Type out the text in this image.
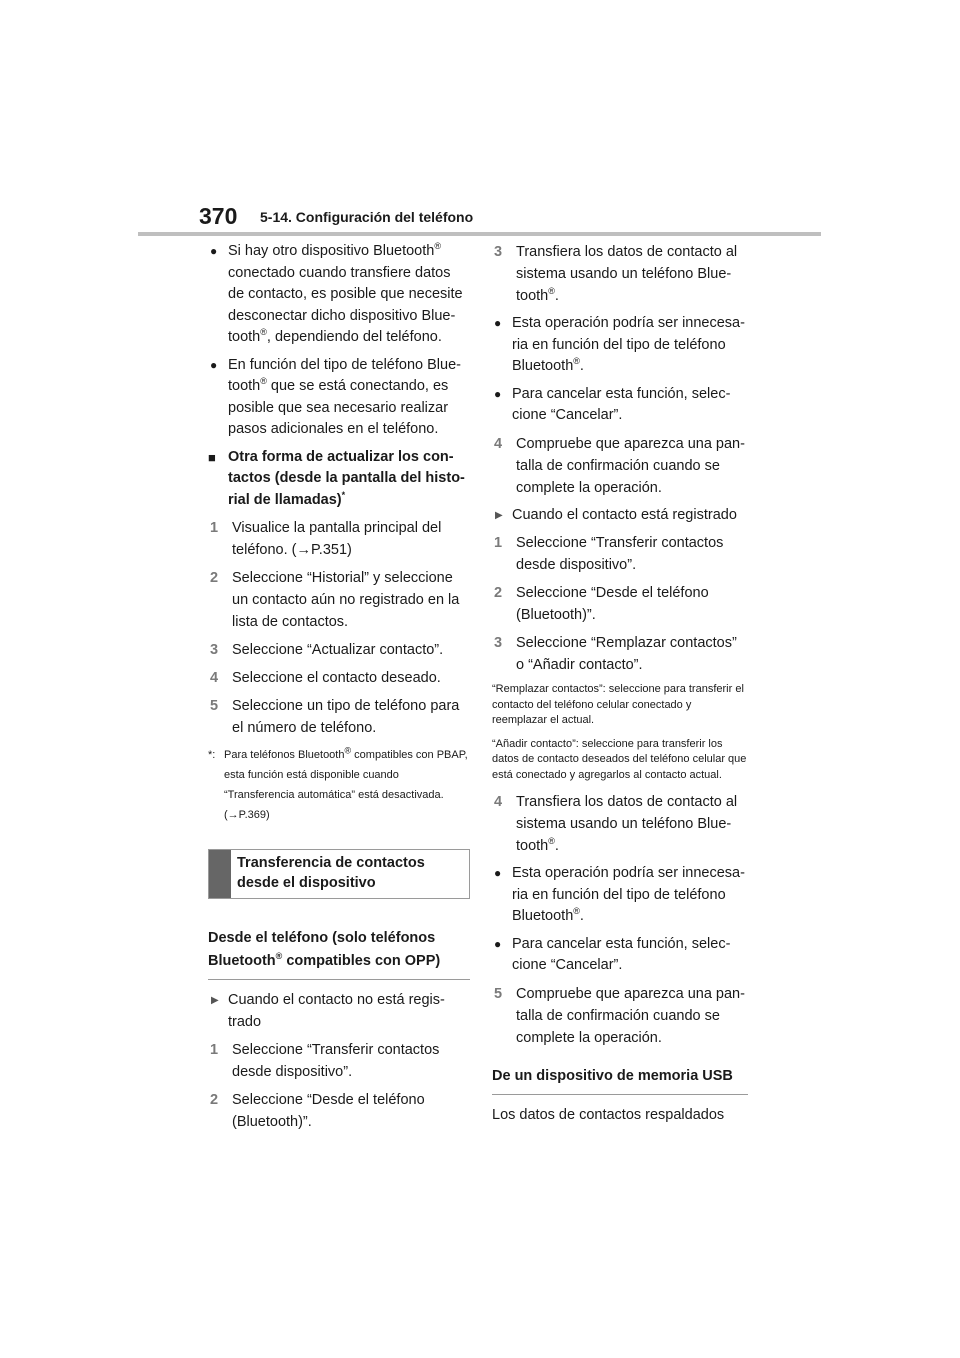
370 5-14. Configuración del teléfono
● Si hay otro dispositivo Bluetooth® conectado cuando transfiere datos de contacto, es posible que necesite desconectar dicho dispositivo Blue-tooth®, dependiendo del teléfono.
● En función del tipo de teléfono Blue-tooth® que se está conectando, es posible que sea necesario realizar pasos adicionales en el teléfono.
■ Otra forma de actualizar los con-tactos (desde la pantalla del histo-rial de llamadas)*
1 Visualice la pantalla principal del teléfono. (→P.351)
2 Seleccione “Historial” y seleccione un contacto aún no registrado en la lista de contactos.
3 Seleccione “Actualizar contacto”.
4 Seleccione el contacto deseado.
5 Seleccione un tipo de teléfono para el número de teléfono.
*: Para teléfonos Bluetooth® compatibles con PBAP, esta función está disponible cuando “Transferencia automática” está desactivada. (→P.369)
Transferencia de contactos desde el dispositivo
Desde el teléfono (solo teléfonos Bluetooth® compatibles con OPP)
▶ Cuando el contacto no está regis-trado
1 Seleccione “Transferir contactos desde dispositivo”.
2 Seleccione “Desde el teléfono (Bluetooth)”.
3 Transfiera los datos de contacto al sistema usando un teléfono Blue-tooth®.
● Esta operación podría ser innecesa-ria en función del tipo de teléfono Bluetooth®.
● Para cancelar esta función, selec-cione “Cancelar”.
4 Compruebe que aparezca una pan-talla de confirmación cuando se complete la operación.
▶ Cuando el contacto está registrado
1 Seleccione “Transferir contactos desde dispositivo”.
2 Seleccione “Desde el teléfono (Bluetooth)”.
3 Seleccione “Remplazar contactos” o “Añadir contacto”.
“Remplazar contactos”: seleccione para transferir el contacto del teléfono celular conectado y reemplazar el actual.
“Añadir contacto”: seleccione para transferir los datos de contacto deseados del teléfono celular que está conectado y agregarlos al contacto actual.
4 Transfiera los datos de contacto al sistema usando un teléfono Blue-tooth®.
● Esta operación podría ser innecesa-ria en función del tipo de teléfono Bluetooth®.
● Para cancelar esta función, selec-cione “Cancelar”.
5 Compruebe que aparezca una pan-talla de confirmación cuando se complete la operación.
De un dispositivo de memoria USB
Los datos de contactos respaldados
